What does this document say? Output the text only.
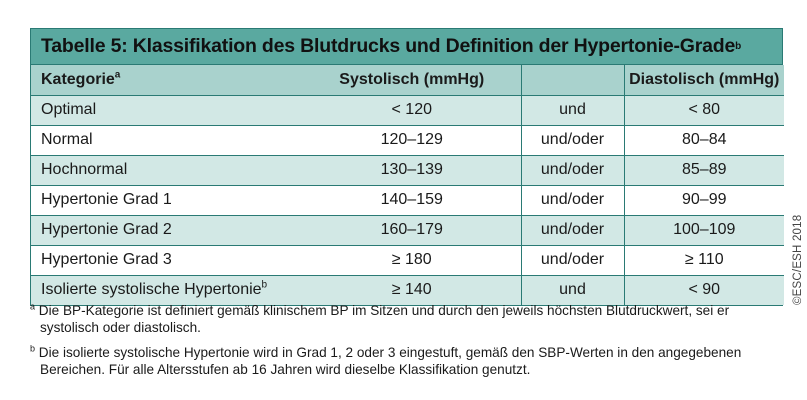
Tabelle 5: Klassifikation des Blutdrucks und Definition der Hypertonie-Grade b
Kategorie$^a$	Systolisch (mmHg)		Diastolisch (mmHg)
Optimal	< 120	und	< 80
Normal	120–129	und/oder	80–84
Hochnormal	130–139	und/oder	85–89
Hypertonie Grad 1	140–159	und/oder	90–99
Hypertonie Grad 2	160–179	und/oder	100–109
Hypertonie Grad 3	≥ 180	und/oder	≥ 110
Isolierte systolische Hypertonie$^b$	≥ 140	und	< 90
$^a$ Die BP-Kategorie ist definiert gemäß klinischem BP im Sitzen und durch den jeweils höchsten Blutdruckwert, sei er systolisch oder diastolisch.
$^b$ Die isolierte systolische Hypertonie wird in Grad 1, 2 oder 3 eingestuft, gemäß den SBP-Werten in den angegebenen Bereichen. Für alle Altersstufen ab 16 Jahren wird dieselbe Klassifikation genutzt.
©ESC/ESH 2018
